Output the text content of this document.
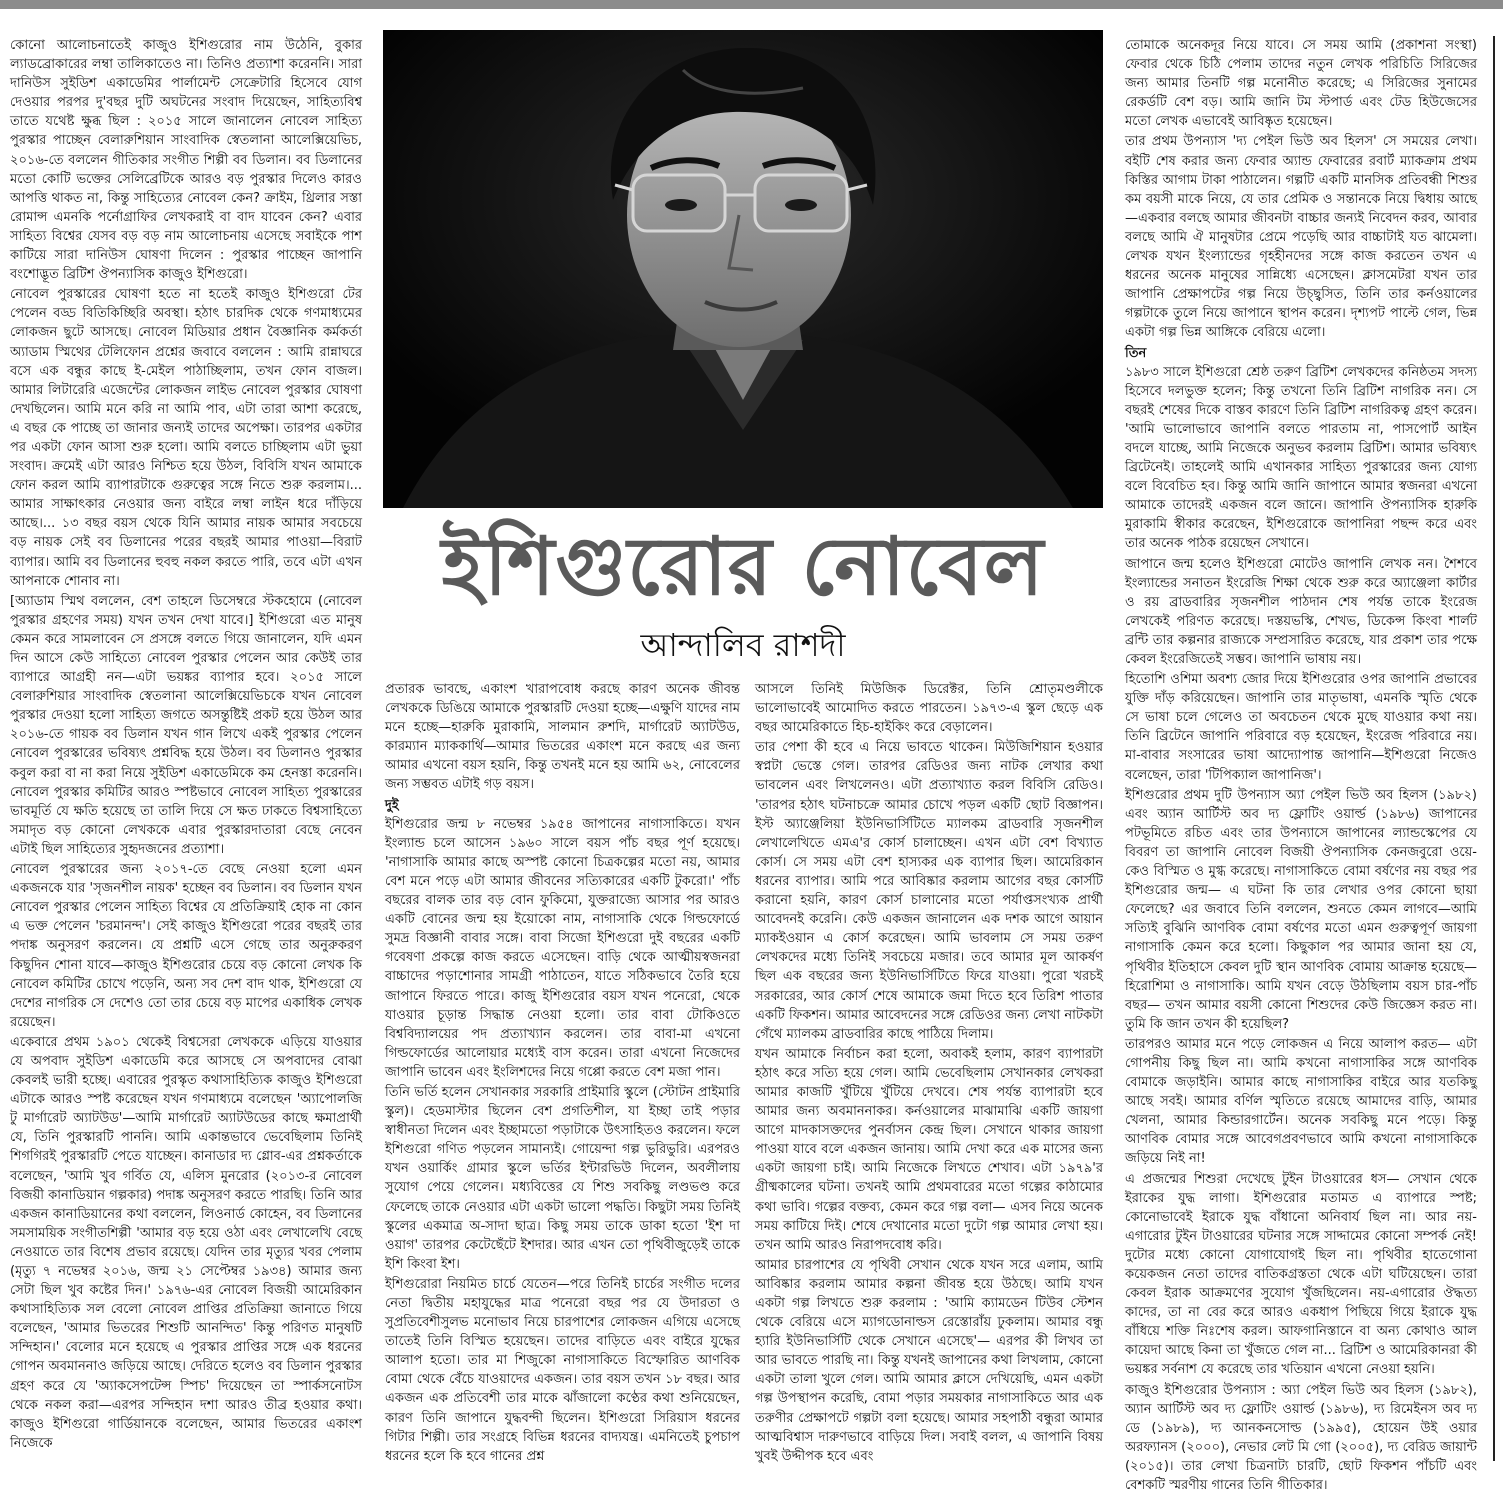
কোনো আলোচনাতেই কাজুও ইশিগুরোর নাম উঠেনি, বুকার ল্যাডব্রোকারের লম্বা তালিকাতেও না। তিনিও প্রত্যাশা করেননি। সারা দানিউস সুইডিশ একাডেমির পার্লামেন্ট সেক্রেটারি হিসেবে যোগ দেওয়ার পরপর দু'বছর দুটি অঘটনের সংবাদ দিয়েছেন, সাহিত্যবিশ্ব তাতে যথেষ্ট ক্ষুব্ধ ছিল : ২০১৫ সালে জানালেন নোবেল সাহিত্য পুরস্কার পাচ্ছেন বেলারুশিয়ান সাংবাদিক স্বেতলানা আলেক্সিয়েভিচ, ২০১৬-তে বললেন গীতিকার সংগীত শিল্পী বব ডিলান। বব ডিলানের মতো কোটি ভক্তের সেলিব্রেটিকে আরও বড় পুরস্কার দিলেও কারও আপত্তি থাকত না, কিন্তু সাহিত্যের নোবেল কেন? ক্রাইম, থ্রিলার সস্তা রোমান্স এমনকি পর্নোগ্রাফির লেখকরাই বা বাদ যাবেন কেন? এবার সাহিত্য বিশ্বের যেসব বড় বড় নাম আলোচনায় এসেছে সবাইকে পাশ কাটিয়ে সারা দানিউস ঘোষণা দিলেন : পুরস্কার পাচ্ছেন জাপানি বংশোদ্ভূত ব্রিটিশ ঔপন্যাসিক কাজুও ইশিগুরো।

নোবেল পুরস্কারের ঘোষণা হতে না হতেই কাজুও ইশিগুরো টের পেলেন বড্ড বিতিকিচ্ছিরি অবস্থা। হঠাৎ চারদিক থেকে গণমাধ্যমের লোকজন ছুটে আসছে। নোবেল মিডিয়ার প্রধান বৈজ্ঞানিক কর্মকর্তা অ্যাডাম স্মিথের টেলিফোন প্রশ্নের জবাবে বললেন : আমি রান্নাঘরে বসে এক বন্ধুর কাছে ই-মেইল পাঠাচ্ছিলাম, তখন ফোন বাজল। আমার লিটারেরি এজেন্টের লোকজন লাইভ নোবেল পুরস্কার ঘোষণা দেখছিলেন। আমি মনে করি না আমি পাব, এটা তারা আশা করেছে, এ বছর কে পাচ্ছে তা জানার জন্যই তাদের অপেক্ষা। তারপর একটার পর একটা ফোন আসা শুরু হলো। আমি বলতে চাচ্ছিলাম এটা ভুয়া সংবাদ। ক্রমেই এটা আরও নিশ্চিত হয়ে উঠল, বিবিসি যখন আমাকে ফোন করল আমি ব্যাপারটাকে গুরুত্বের সঙ্গে নিতে শুরু করলাম।... আমার সাক্ষাৎকার নেওয়ার জন্য বাইরে লম্বা লাইন ধরে দাঁড়িয়ে আছে।... ১৩ বছর বয়স থেকে যিনি আমার নায়ক আমার সবচেয়ে বড় নায়ক সেই বব ডিলানের পরের বছরই আমার পাওয়া—বিরাট ব্যাপার। আমি বব ডিলানের হুবহু নকল করতে পারি, তবে এটা এখন আপনাকে শোনাব না।

[অ্যাডাম স্মিথ বললেন, বেশ তাহলে ডিসেম্বরে স্টকহোমে (নোবেল পুরস্কার গ্রহণের সময়) যখন তখন দেখা যাবে।] ইশিগুরো এত মানুষ কেমন করে সামলাবেন সে প্রসঙ্গে বলতে গিয়ে জানালেন, যদি এমন দিন আসে কেউ সাহিত্যে নোবেল পুরস্কার পেলেন আর কেউই তার ব্যাপারে আগ্রহী নন—এটা ভয়ঙ্কর ব্যাপার হবে। ২০১৫ সালে বেলারুশিয়ার সাংবাদিক স্বেতলানা আলেক্সিয়েভিচকে যখন নোবেল পুরস্কার দেওয়া হলো সাহিত্য জগতে অসন্তুষ্টিই প্রকট হয়ে উঠল আর ২০১৬-তে গায়ক বব ডিলান যখন গান লিখে একই পুরস্কার পেলেন নোবেল পুরস্কারের ভবিষ্যৎ প্রশ্নবিদ্ধ হয়ে উঠল। বব ডিলানও পুরস্কার কবুল করা বা না করা নিয়ে সুইডিশ একাডেমিকে কম হেনস্তা করেননি। নোবেল পুরস্কার কমিটির আরও স্পষ্টভাবে নোবেল সাহিত্য পুরস্কারের ভাবমূর্তি যে ক্ষতি হয়েছে তা তালি দিয়ে সে ক্ষত ঢাকতে বিশ্বসাহিত্যে সমাদৃত বড় কোনো লেখককে এবার পুরস্কারদাতারা বেছে নেবেন এটাই ছিল সাহিত্যের সুহৃদজনের প্রত্যাশা।

নোবেল পুরস্কারের জন্য ২০১৭-তে বেছে নেওয়া হলো এমন একজনকে যার 'সৃজনশীল নায়ক' হচ্ছেন বব ডিলান। বব ডিলান যখন নোবেল পুরস্কার পেলেন সাহিত্য বিশ্বের যে প্রতিক্রিয়াই হোক না কোন এ ভক্ত পেলেন 'চরমানন্দ'। সেই কাজুও ইশিগুরো পরের বছরই তার পদাঙ্ক অনুসরণ করলেন। যে প্রশ্নটি এসে গেছে তার অনুরুকরণ কিছুদিন শোনা যাবে—কাজুও ইশিগুরোর চেয়ে বড় কোনো লেখক কি নোবেল কমিটির চোখে পড়েনি, অন্য সব দেশ বাদ থাক, ইশিগুরো যে দেশের নাগরিক সে দেশেও তো তার চেয়ে বড় মাপের একাধিক লেখক রয়েছেন।

একেবারে প্রথম ১৯০১ থেকেই বিশ্বসেরা লেখককে এড়িয়ে যাওয়ার যে অপবাদ সুইডিশ একাডেমি করে আসছে সে অপবাদের বোঝা কেবলই ভারী হচ্ছে। এবারের পুরস্কৃত কথাসাহিত্যিক কাজুও ইশিগুরো এটাকে আরও স্পষ্ট করেছেন যখন গণমাধ্যমে বলেছেন 'অ্যাপোলজি টু মার্গারেট অ্যাটউড'—আমি মার্গারেট অ্যাটউডের কাছে ক্ষমাপ্রার্থী যে, তিনি পুরস্কারটি পাননি। আমি একান্তভাবে ভেবেছিলাম তিনিই শিগগিরই পুরস্কারটি পেতে যাচ্ছেন। কানাডার দ্য গ্লোব-এর প্রশ্নকর্তাকে বলেছেন, 'আমি খুব গর্বিত যে, এলিস মুনরোর (২০১৩-র নোবেল বিজয়ী কানাডিয়ান গল্পকার) পদাঙ্ক অনুসরণ করতে পারছি। তিনি আর একজন কানাডিয়ানের কথা বললেন, লিওনার্ড কোহেন, বব ডিলানের সমসাময়িক সংগীতশিল্পী 'আমার বড় হয়ে ওঠা এবং লেখালেখি বেছে নেওয়াতে তার বিশেষ প্রভাব রয়েছে। যেদিন তার মৃত্যুর খবর পেলাম (মৃত্যু ৭ নভেম্বর ২০১৬, জন্ম ২১ সেপ্টেম্বর ১৯৩৪) আমার জন্য সেটা ছিল খুব কষ্টের দিন।' ১৯৭৬-এর নোবেল বিজয়ী আমেরিকান কথাসাহিত্যিক সল বেলো নোবেল প্রাপ্তির প্রতিক্রিয়া জানাতে গিয়ে বলেছেন, 'আমার ভিতরের শিশুটি আনন্দিত' কিন্তু পরিণত মানুষটি সন্দিহান।' বেলোর মনে হয়েছে এ পুরস্কার প্রাপ্তির সঙ্গে এক ধরনের গোপন অবমাননাও জড়িয়ে আছে। দেরিতে হলেও বব ডিলান পুরস্কার গ্রহণ করে যে 'অ্যাকসেপটেন্স স্পিচ' দিয়েছেন তা স্পার্কসনোটস থেকে নকল করা—এরপর সন্দিহান দশা আরও তীব্র হওয়ার কথা। কাজুও ইশিগুরো গার্ডিয়ানকে বলেছেন, আমার ভিতরের একাংশ নিজেকে

ইশিগুরোর নোবেল
আন্দালিব রাশদী

প্রতারক ভাবছে, একাংশ খারাপবোধ করছে কারণ অনেক জীবন্ত লেখককে ডিঙিয়ে আমাকে পুরস্কারটি দেওয়া হচ্ছে—এক্ষুণি যাদের নাম মনে হচ্ছে—হারুকি মুরাকামি, সালমান রুশদি, মার্গারেট অ্যাটউড, কারম্যান ম্যাককার্থি—আমার ভিতরের একাংশ মনে করছে এর জন্য আমার এখনো বয়স হয়নি, কিন্তু তখনই মনে হয় আমি ৬২, নোবেলের জন্য সম্ভবত এটাই গড় বয়স।

দুই

ইশিগুরোর জন্ম ৮ নভেম্বর ১৯৫৪ জাপানের নাগাসাকিতে। যখন ইংল্যান্ড চলে আসেন ১৯৬০ সালে বয়স পাঁচ বছর পূর্ণ হয়েছে। 'নাগাসাকি আমার কাছে অস্পষ্ট কোনো চিত্রকল্পের মতো নয়, আমার বেশ মনে পড়ে এটা আমার জীবনের সত্যিকারের একটি টুকরো।' পাঁচ বছরের বালক তার বড় বোন ফুকিমো, যুক্তরাজ্যে আসার পর আরও একটি বোনের জন্ম হয় ইয়োকো নাম, নাগাসাকি থেকে গিল্ডফোর্ডে সুমদ্র বিজ্ঞানী বাবার সঙ্গে। বাবা সিজো ইশিগুরো দুই বছরের একটি গবেষণা প্রকল্পে কাজ করতে এসেছেন। বাড়ি থেকে আত্মীয়স্বজনরা বাচ্চাদের পড়াশোনার সামগ্রী পাঠাতেন, যাতে সঠিকভাবে তৈরি হয়ে জাপানে ফিরতে পারে। কাজু ইশিগুরোর বয়স যখন পনেরো, থেকে যাওয়ার চূড়ান্ত সিদ্ধান্ত নেওয়া হলো। তার বাবা টোকিওতে বিশ্ববিদ্যালয়ের পদ প্রত্যাখ্যান করলেন। তার বাবা-মা এখনো গিল্ডফোর্ডের আলোয়ার মধ্যেই বাস করেন। তারা এখনো নিজেদের জাপানি ভাবেন এবং ইংলিশদের নিয়ে গপ্পো করতে বেশ মজা পান।

তিনি ভর্তি হলেন সেখানকার সরকারি প্রাইমারি স্কুলে (স্টোটন প্রাইমারি স্কুল)। হেডমাস্টার ছিলেন বেশ প্রগতিশীল, যা ইচ্ছা তাই পড়ার স্বাধীনতা দিলেন এবং ইচ্ছামতো পড়াটাকে উৎসাহিতও করলেন। ফলে ইশিগুরো গণিত পড়লেন সামান্যই। গোয়েন্দা গল্প ভুরিভুরি। এরপরও যখন ওয়ার্কিং গ্রামার স্কুলে ভর্তির ইন্টারভিউ দিলেন, অবলীলায় সুযোগ পেয়ে গেলেন। মধ্যবিত্তের যে শিশু সবকিছু লণ্ডভণ্ড করে ফেলেছে তাকে নেওয়ার এটা একটা ভালো পদ্ধতি। কিছুটা সময় তিনিই স্কুলের একমাত্র অ-সাদা ছাত্র। কিছু সময় তাকে ডাকা হতো 'ইশ দা ওয়াগ' তারপর কেটেছেঁটে ইশদার। আর এখন তো পৃথিবীজুড়েই তাকে ইশি কিংবা ইশ।

ইশিগুরোরা নিয়মিত চার্চে যেতেন—পরে তিনিই চার্চের সংগীত দলের নেতা দ্বিতীয় মহাযুদ্ধের মাত্র পনেরো বছর পর যে উদারতা ও সুপ্রতিবেশীসুলভ মনোভাব নিয়ে চারপাশের লোকজন এগিয়ে এসেছে তাতেই তিনি বিস্মিত হয়েছেন। তাদের বাড়িতে এবং বাইরে যুদ্ধের আলাপ হতো। তার মা শিজুকো নাগাসাকিতে বিস্ফোরিত আণবিক বোমা থেকে বেঁচে যাওয়াদের একজন। তার বয়স তখন ১৮ বছর। আর একজন এক প্রতিবেশী তার মাকে ঝাঁজালো কণ্ঠের কথা শুনিয়েছেন, কারণ তিনি জাপানে যুদ্ধবন্দী ছিলেন। ইশিগুরো সিরিয়াস ধরনের গিটার শিল্পী। তার সংগ্রহে বিভিন্ন ধরনের বাদ্যযন্ত্র। এমনিতেই চুপচাপ ধরনের হলে কি হবে গানের প্রশ্ন

আসলে তিনিই মিউজিক ডিরেক্টর, তিনি শ্রোতৃমণ্ডলীকে ভালোভাবেই আমোদিত করতে পারতেন। ১৯৭৩-এ স্কুল ছেড়ে এক বছর আমেরিকাতে হিচ-হাইকিং করে বেড়ালেন।

তার পেশা কী হবে এ নিয়ে ভাবতে থাকেন। মিউজিশিয়ান হওয়ার স্বপ্নটা ভেস্তে গেল। তারপর রেডিওর জন্য নাটক লেখার কথা ভাবলেন এবং লিখলেনও। এটা প্রত্যাখ্যাত করল বিবিসি রেডিও। 'তারপর হঠাৎ ঘটনাচক্রে আমার চোখে পড়ল একটি ছোট বিজ্ঞাপন। ইস্ট অ্যাঞ্জেলিয়া ইউনিভার্সিটিতে ম্যালকম ব্রাডবারি সৃজনশীল লেখালেখিতে এমএ'র কোর্স চালাচ্ছেন। এখন এটা বেশ বিখ্যাত কোর্স। সে সময় এটা বেশ হাস্যকর এক ব্যাপার ছিল। আমেরিকান ধরনের ব্যাপার। আমি পরে আবিষ্কার করলাম আগের বছর কোর্সটি করানো হয়নি, কারণ কোর্স চালানোর মতো পর্যাপ্তসংখ্যক প্রার্থী আবেদনই করেনি। কেউ একজন জানালেন এক দশক আগে আয়ান ম্যাকইওয়ান এ কোর্স করেছেন। আমি ভাবলাম সে সময় তরুণ লেখকদের মধ্যে তিনিই সবচেয়ে মজার। তবে আমার মূল আকর্ষণ ছিল এক বছরের জন্য ইউনিভার্সিটিতে ফিরে যাওয়া। পুরো খরচই সরকারের, আর কোর্স শেষে আমাকে জমা দিতে হবে তিরিশ পাতার একটি ফিকশন। আমার আবেদনের সঙ্গে রেডিওর জন্য লেখা নাটকটা গেঁথে ম্যালকম ব্রাডবারির কাছে পাঠিয়ে দিলাম।

যখন আমাকে নির্বাচন করা হলো, অবাকই হলাম, কারণ ব্যাপারটা হঠাৎ করে সত্যি হয়ে গেল। আমি ভেবেছিলাম সেখানকার লেখকরা আমার কাজটি খুঁটিয়ে খুঁটিয়ে দেখবে। শেষ পর্যন্ত ব্যাপারটা হবে আমার জন্য অবমাননাকর। কর্নওয়ালের মাঝামাঝি একটি জায়গা আগে মাদকাসক্তদের পুনর্বাসন কেন্দ্র ছিল। সেখানে থাকার জায়গা পাওয়া যাবে বলে একজন জানায়। আমি দেখা করে এক মাসের জন্য একটা জায়গা চাই। আমি নিজেকে লিখতে শেখাব। এটা ১৯৭৯'র গ্রীষ্মকালের ঘটনা। তখনই আমি প্রথমবারের মতো গল্পের কাঠামোর কথা ভাবি। গল্পের বক্তব্য, কেমন করে গল্প বলা— এসব নিয়ে অনেক সময় কাটিয়ে দিই। শেষে দেখানোর মতো দুটো গল্প আমার লেখা হয়। তখন আমি আরও নিরাপদবোধ করি।

আমার চারপাশের যে পৃথিবী সেখান থেকে যখন সরে এলাম, আমি আবিষ্কার করলাম আমার কল্পনা জীবন্ত হয়ে উঠছে। আমি যখন একটা গল্প লিখতে শুরু করলাম : 'আমি ক্যামডেন টিউব স্টেশন থেকে বেরিয়ে এসে ম্যাগডোনাল্ডস রেস্তোরাঁয় ঢুকলাম। আমার বন্ধু হ্যারি ইউনিভার্সিটি থেকে সেখানে এসেছে'— এরপর কী লিখব তা আর ভাবতে পারছি না। কিন্তু যখনই জাপানের কথা লিখলাম, কোনো একটা তালা খুলে গেল। আমি আমার ক্লাসে দেখিয়েছি, এমন একটা গল্প উপস্থাপন করেছি, বোমা পড়ার সময়কার নাগাসাকিতে আর এক তরুণীর প্রেক্ষাপটে গল্পটা বলা হয়েছে। আমার সহপাঠী বন্ধুরা আমার আত্মবিশ্বাস দারুণভাবে বাড়িয়ে দিল। সবাই বলল, এ জাপানি বিষয় খুবই উদ্দীপক হবে এবং

তোমাকে অনেকদূর নিয়ে যাবে। সে সময় আমি (প্রকাশনা সংস্থা) ফেবার থেকে চিঠি পেলাম তাদের নতুন লেখক পরিচিতি সিরিজের জন্য আমার তিনটি গল্প মনোনীত করেছে; এ সিরিজের সুনামের রেকর্ডটি বেশ বড়। আমি জানি টম স্টপার্ড এবং টেড হিউজেসের মতো লেখক এভাবেই আবিষ্কৃত হয়েছেন।

তার প্রথম উপন্যাস 'দ্য পেইল ভিউ অব হিলস' সে সময়ের লেখা। বইটি শেষ করার জন্য ফেবার অ্যান্ড ফেবারের রবার্ট ম্যাকক্রাম প্রথম কিস্তির আগাম টাকা পাঠালেন। গল্পটি একটি মানসিক প্রতিবন্ধী শিশুর কম বয়সী মাকে নিয়ে, যে তার প্রেমিক ও সন্তানকে নিয়ে দ্বিধায় আছে—একবার বলছে আমার জীবনটা বাচ্চার জন্যই নিবেদন করব, আবার বলছে আমি ঐ মানুষটার প্রেমে পড়েছি আর বাচ্চাটাই যত ঝামেলা। লেখক যখন ইংল্যান্ডের গৃহহীনদের সঙ্গে কাজ করতেন তখন এ ধরনের অনেক মানুষের সান্নিধ্যে এসেছেন। ক্লাসমেটরা যখন তার জাপানি প্রেক্ষাপটের গল্প নিয়ে উচ্ছ্বসিত, তিনি তার কর্নওয়ালের গল্পটাকে তুলে নিয়ে জাপানে স্থাপন করেন। দৃশ্যপট পাল্টে গেল, ভিন্ন একটা গল্প ভিন্ন আঙ্গিকে বেরিয়ে এলো।

তিন

১৯৮৩ সালে ইশিগুরো শ্রেষ্ঠ তরুণ ব্রিটিশ লেখকদের কনিষ্ঠতম সদস্য হিসেবে দলভুক্ত হলেন; কিন্তু তখনো তিনি ব্রিটিশ নাগরিক নন। সে বছরই শেষের দিকে বাস্তব কারণে তিনি ব্রিটিশ নাগরিকত্ব গ্রহণ করেন। 'আমি ভালোভাবে জাপানি বলতে পারতাম না, পাসপোর্ট আইন বদলে যাচ্ছে, আমি নিজেকে অনুভব করলাম ব্রিটিশ। আমার ভবিষ্যৎ ব্রিটেনেই। তাহলেই আমি এখানকার সাহিত্য পুরস্কারের জন্য যোগ্য বলে বিবেচিত হব। কিন্তু আমি জানি জাপানে আমার স্বজনরা এখনো আমাকে তাদেরই একজন বলে জানে। জাপানি ঔপন্যাসিক হারুকি মুরাকামি স্বীকার করেছেন, ইশিগুরোকে জাপানিরা পছন্দ করে এবং তার অনেক পাঠক রয়েছেন সেখানে।

জাপানে জন্ম হলেও ইশিগুরো মোটেও জাপানি লেখক নন। শৈশবে ইংল্যান্ডের সনাতন ইংরেজি শিক্ষা থেকে শুরু করে অ্যাঞ্জেলা কার্টার ও রয় ব্রাডবারির সৃজনশীল পাঠদান শেষ পর্যন্ত তাকে ইংরেজ লেখকেই পরিণত করেছে। দস্তয়ভস্কি, শেখভ, ডিকেন্স কিংবা শার্লট ব্রন্টি তার কল্পনার রাজ্যকে সম্প্রসারিত করেছে, যার প্রকাশ তার পক্ষে কেবল ইংরেজিতেই সম্ভব। জাপানি ভাষায় নয়।

হিতোশি ওশিমা অবশ্য জোর দিয়ে ইশিগুরোর ওপর জাপানি প্রভাবের যুক্তি দাঁড় করিয়েছেন। জাপানি তার মাতৃভাষা, এমনকি স্মৃতি থেকে সে ভাষা চলে গেলেও তা অবচেতন থেকে মুছে যাওয়ার কথা নয়। তিনি ব্রিটেনে জাপানি পরিবারে বড় হয়েছেন, ইংরেজ পরিবারে নয়। মা-বাবার সংসারের ভাষা আদ্যোপান্ত জাপানি—ইশিগুরো নিজেও বলেছেন, তারা 'টিপিক্যাল জাপানিজ'।

ইশিগুরোর প্রথম দুটি উপন্যাস অ্যা পেইল ভিউ অব হিলস (১৯৮২) এবং অ্যান আর্টিস্ট অব দ্য ফ্লোটিং ওয়ার্ল্ড (১৯৮৬) জাপানের পটভূমিতে রচিত এবং তার উপন্যাসে জাপানের ল্যান্ডস্কেপের যে বিবরণ তা জাপানি নোবেল বিজয়ী ঔপন্যাসিক কেনজবুরো ওয়ে-কেও বিস্মিত ও মুগ্ধ করেছে। নাগাসাকিতে বোমা বর্ষণের নয় বছর পর ইশিগুরোর জন্ম— এ ঘটনা কি তার লেখার ওপর কোনো ছায়া ফেলেছে? এর জবাবে তিনি বললেন, শুনতে কেমন লাগবে—আমি সত্যিই বুঝিনি আণবিক বোমা বর্ষণের মতো এমন গুরুত্বপূর্ণ জায়গা নাগাসাকি কেমন করে হলো। কিছুকাল পর আমার জানা হয় যে, পৃথিবীর ইতিহাসে কেবল দুটি স্থান আণবিক বোমায় আক্রান্ত হয়েছে—হিরোশিমা ও নাগাসাকি। আমি যখন বেড়ে উঠছিলাম বয়স চার-পাঁচ বছর— তখন আমার বয়সী কোনো শিশুদের কেউ জিজ্ঞেস করত না। তুমি কি জান তখন কী হয়েছিল?

তারপরও আমার মনে পড়ে লোকজন এ নিয়ে আলাপ করত— এটা গোপনীয় কিছু ছিল না। আমি কখনো নাগাসাকির সঙ্গে আণবিক বোমাকে জড়াইনি। আমার কাছে নাগাসাকির বাইরে আর যতকিছু আছে সবই। আমার বর্ণিল স্মৃতিতে রয়েছে আমাদের বাড়ি, আমার খেলনা, আমার কিন্ডারগার্টেন। অনেক সবকিছু মনে পড়ে। কিন্তু আণবিক বোমার সঙ্গে আবেগপ্রবণভাবে আমি কখনো নাগাসাকিকে জড়িয়ে নিই না!

এ প্রজন্মের শিশুরা দেখেছে টুইন টাওয়ারের ধস— সেখান থেকে ইরাকের যুদ্ধ লাগা। ইশিগুরোর মতামত এ ব্যাপারে স্পষ্ট; কোনোভাবেই ইরাকে যুদ্ধ বাঁধানো অনিবার্য ছিল না। আর নয়-এগারোর টুইন টাওয়ারের ঘটনার সঙ্গে সাদ্দামের কোনো সম্পর্ক নেই! দুটোর মধ্যে কোনো যোগাযোগই ছিল না। পৃথিবীর হাতেগোনা কয়েকজন নেতা তাদের বাতিকগ্রস্ততা থেকে এটা ঘটিয়েছেন। তারা কেবল ইরাক আক্রমণের সুযোগ খুঁজছিলেন। নয়-এগারোর ঔদ্ধত্য কাদের, তা না বের করে আরও একধাপ পিছিয়ে গিয়ে ইরাকে যুদ্ধ বাঁধিয়ে শক্তি নিঃশেষ করল। আফগানিস্তানে বা অন্য কোথাও আল কায়েদা আছে কিনা তা খুঁজতে গেল না... ব্রিটিশ ও আমেরিকানরা কী ভয়ঙ্কর সর্বনাশ যে করেছে তার খতিয়ান এখনো নেওয়া হয়নি।

কাজুও ইশিগুরোর উপন্যাস : অ্যা পেইল ভিউ অব হিলস (১৯৮২), অ্যান আর্টিস্ট অব দ্য ফ্লোটিং ওয়ার্ল্ড (১৯৮৬), দ্য রিমেইনস অব দ্য ডে (১৯৮৯), দ্য আনকনসোল্ড (১৯৯৫), হোয়েন উই ওয়ার অরফ্যানস (২০০০), নেভার লেট মি গো (২০০৫), দ্য বেরিড জায়ান্ট (২০১৫)। তার লেখা চিত্রনাট্য চারটি, ছোট ফিকশন পাঁচটি এবং বেশকটি স্মরণীয় গানের তিনি গীতিকার।
